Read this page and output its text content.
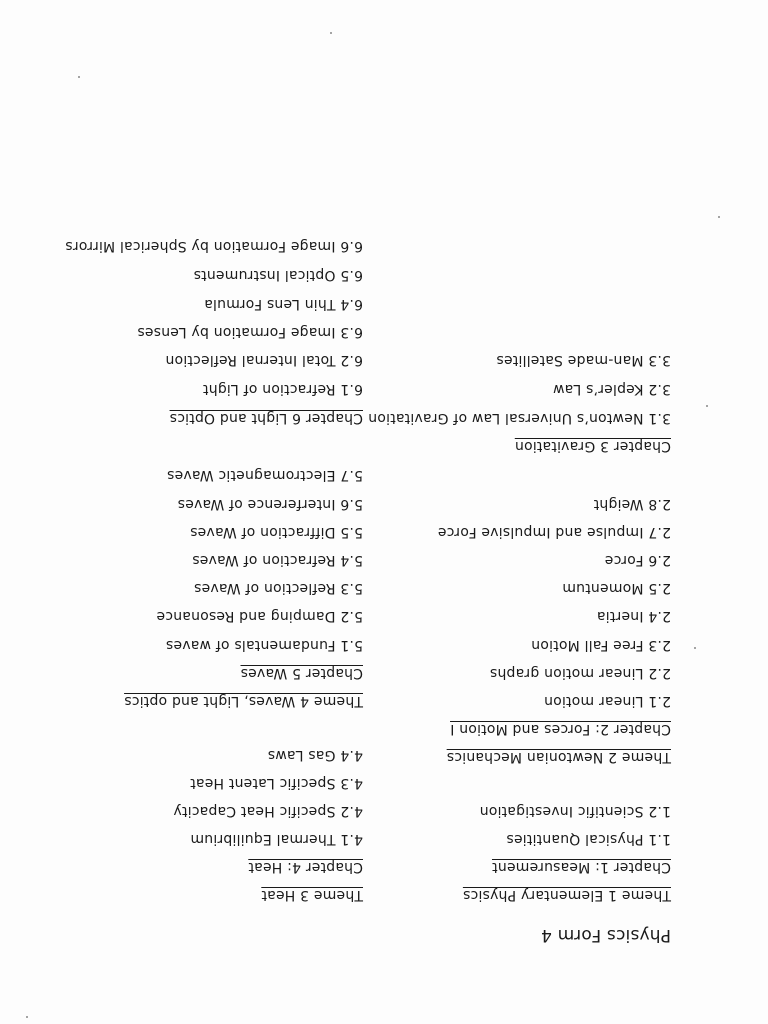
Physics Form 4
Theme 1 Elementary Physics
Chapter 1: Measurement
1.1 Physical Quantities
1.2 Scientific Investigation
Theme 2 Newtonian Mechanics
Chapter 2: Forces and Motion I
2.1 Linear motion
2.2 Linear motion graphs
2.3 Free Fall Motion
2.4 Inertia
2.5 Momentum
2.6 Force
2.7 Impulse and Impulsive Force
2.8 Weight
Chapter 3 Gravitation
3.1 Newton’s Universal Law of Gravitation
3.2 Kepler’s Law
3.3 Man-made Satellites
Theme 3 Heat
Chapter 4: Heat
4.1 Thermal Equilibrium
4.2 Specific Heat Capacity
4.3 Specific Latent Heat
4.4 Gas Laws
Theme 4 Waves, Light and optics
Chapter 5 Waves
5.1 Fundamentals of waves
5.2 Damping and Resonance
5.3 Reflection of Waves
5.4 Refraction of Waves
5.5 Diffraction of Waves
5.6 Interference of Waves
5.7 Electromagnetic Waves
Chapter 6 Light and Optics
6.1 Refraction of Light
6.2 Total Internal Reflection
6.3 Image Formation by Lenses
6.4 Thin Lens Formula
6.5 Optical Instruments
6.6 Image Formation by Spherical Mirrors
